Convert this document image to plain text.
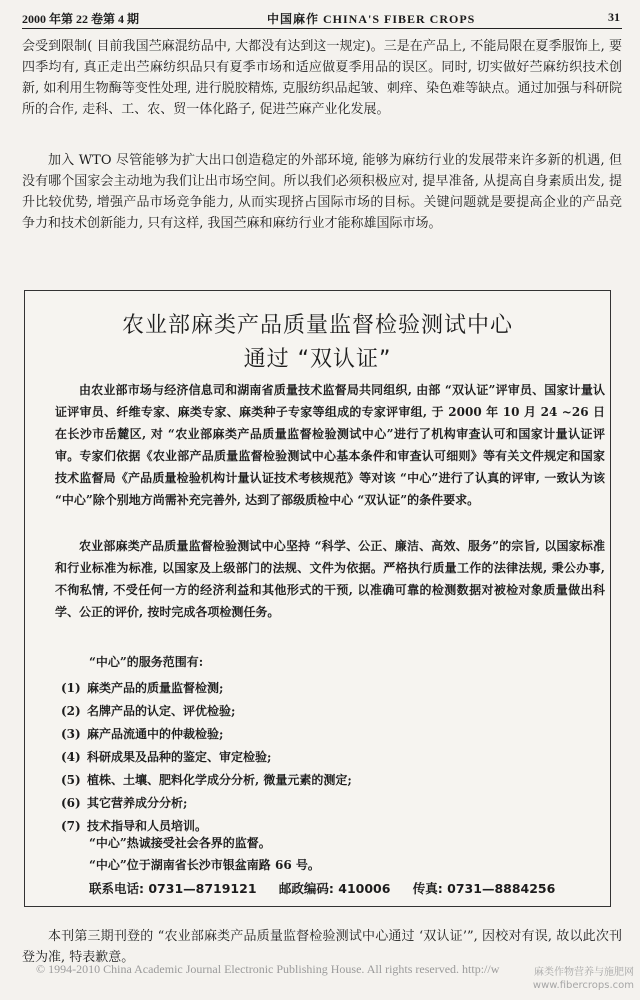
2000 年第 22 卷第 4 期	中国麻作 CHINA'S FIBER CROPS	31

会受到限制( 目前我国苎麻混纺品中, 大都没有达到这一规定)。三是在产品上, 不能局限在夏季服饰上, 要四季均有, 真正走出苎麻纺织品只有夏季市场和适应做夏季用品的误区。同时, 切实做好苎麻纺织技术创新, 如利用生物酶等变性处理, 进行脱胶精炼, 克服纺织品起皱、刺痒、染色难等缺点。通过加强与科研院所的合作, 走科、工、农、贸一体化路子, 促进苎麻产业化发展。

加入 WTO 尽管能够为扩大出口创造稳定的外部环境, 能够为麻纺行业的发展带来许多新的机遇, 但没有哪个国家会主动地为我们让出市场空间。所以我们必须积极应对, 提早准备, 从提高自身素质出发, 提升比较优势, 增强产品市场竞争能力, 从而实现挤占国际市场的目标。关键问题就是要提高企业的产品竞争力和技术创新能力, 只有这样, 我国苎麻和麻纺行业才能称雄国际市场。

农业部麻类产品质量监督检验测试中心
通过 “双认证”

由农业部市场与经济信息司和湖南省质量技术监督局共同组织, 由部 “双认证”评审员、国家计量认证评审员、纤维专家、麻类专家、麻类种子专家等组成的专家评审组, 于 2000 年 10 月 24 ~26 日在长沙市岳麓区, 对 “农业部麻类产品质量监督检验测试中心”进行了机构审查认可和国家计量认证评审。专家们依据《农业部产品质量监督检验测试中心基本条件和审查认可细则》等有关文件规定和国家技术监督局《产品质量检验机构计量认证技术考核规范》等对该 “中心”进行了认真的评审, 一致认为该 “中心”除个别地方尚需补充完善外, 达到了部级质检中心 “双认证”的条件要求。

农业部麻类产品质量监督检验测试中心坚持 “科学、公正、廉洁、高效、服务”的宗旨, 以国家标准和行业标准为标准, 以国家及上级部门的法规、文件为依据。严格执行质量工作的法律法规, 秉公办事, 不徇私情, 不受任何一方的经济利益和其他形式的干预, 以准确可靠的检测数据对被检对象质量做出科学、公正的评价, 按时完成各项检测任务。

“中心”的服务范围有:
(1) 麻类产品的质量监督检测;
(2) 名牌产品的认定、评优检验;
(3) 麻产品流通中的仲裁检验;
(4) 科研成果及品种的鉴定、审定检验;
(5) 植株、土壤、肥料化学成分分析, 微量元素的测定;
(6) 其它营养成分分析;
(7) 技术指导和人员培训。
“中心”热诚接受社会各界的监督。
“中心”位于湖南省长沙市银盆南路 66 号。
联系电话: 0731—8719121 邮政编码: 410006 传真: 0731—8884256

本刊第三期刊登的 “农业部麻类产品质量监督检验测试中心通过 ‘双认证’”, 因校对有误, 故以此次刊登为准, 特表歉意。

© 1994-2010 China Academic Journal Electronic Publishing House. All rights reserved. http://w	麻类作物营养与施肥网
www.fibercrops.com
